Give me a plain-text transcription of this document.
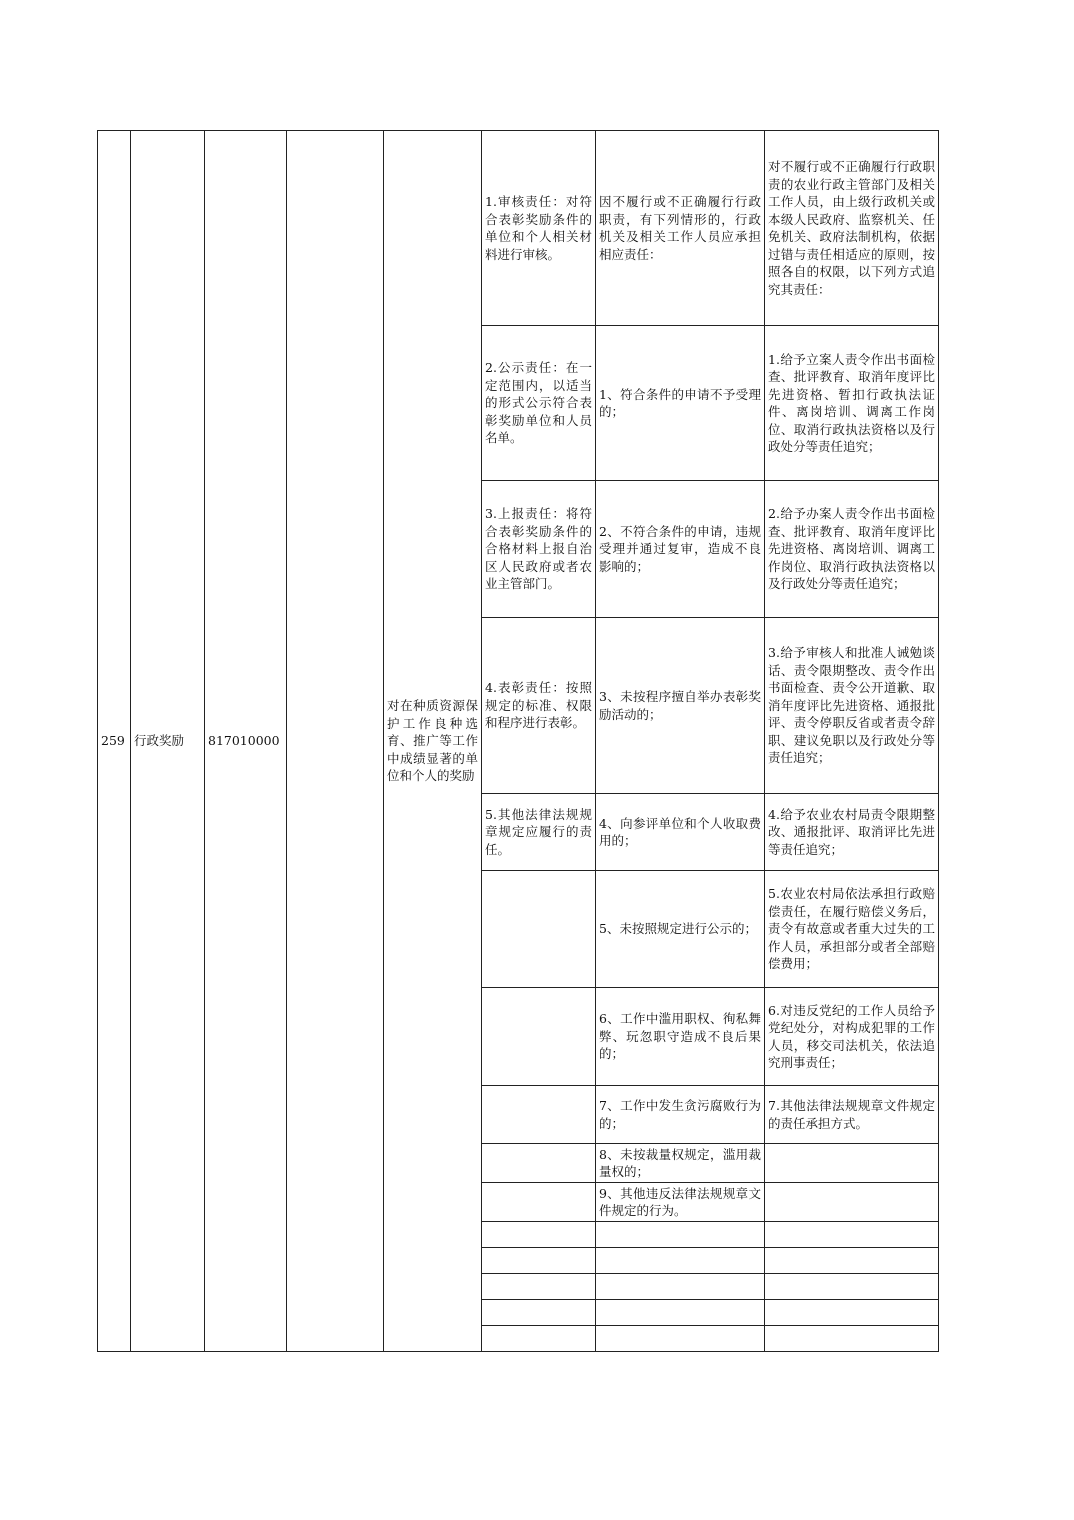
259	行政奖励	817010000		对在种质资源保护工作良种选育、推广等工作中成绩显著的单位和个人的奖励	1.审核责任：对符合表彰奖励条件的单位和个人相关材料进行审核。	因不履行或不正确履行行政职责，有下列情形的，行政机关及相关工作人员应承担相应责任：	对不履行或不正确履行行政职责的农业行政主管部门及相关工作人员，由上级行政机关或本级人民政府、监察机关、任免机关、政府法制机构，依据过错与责任相适应的原则，按照各自的权限，以下列方式追究其责任：
					2.公示责任：在一定范围内，以适当的形式公示符合表彰奖励单位和人员名单。	1、符合条件的申请不予受理的；	1.给予立案人责令作出书面检查、批评教育、取消年度评比先进资格、暂扣行政执法证件、离岗培训、调离工作岗位、取消行政执法资格以及行政处分等责任追究；
					3.上报责任：将符合表彰奖励条件的合格材料上报自治区人民政府或者农业主管部门。	2、不符合条件的申请，违规受理并通过复审，造成不良影响的；	2.给予办案人责令作出书面检查、批评教育、取消年度评比先进资格、离岗培训、调离工作岗位、取消行政执法资格以及行政处分等责任追究；
					4.表彰责任：按照规定的标准、权限和程序进行表彰。	3、未按程序擅自举办表彰奖励活动的；	3.给予审核人和批准人诫勉谈话、责令限期整改、责令作出书面检查、责令公开道歉、取消年度评比先进资格、通报批评、责令停职反省或者责令辞职、建议免职以及行政处分等责任追究；
					5.其他法律法规规章规定应履行的责任。	4、向参评单位和个人收取费用的；	4.给予农业农村局责令限期整改、通报批评、取消评比先进等责任追究；
						5、未按照规定进行公示的；	5.农业农村局依法承担行政赔偿责任，在履行赔偿义务后，责令有故意或者重大过失的工作人员，承担部分或者全部赔偿费用；
						6、工作中滥用职权、徇私舞弊、玩忽职守造成不良后果的；	6.对违反党纪的工作人员给予党纪处分，对构成犯罪的工作人员，移交司法机关，依法追究刑事责任；
						7、工作中发生贪污腐败行为的；	7.其他法律法规规章文件规定的责任承担方式。
						8、未按裁量权规定，滥用裁量权的；	
						9、其他违反法律法规规章文件规定的行为。	
